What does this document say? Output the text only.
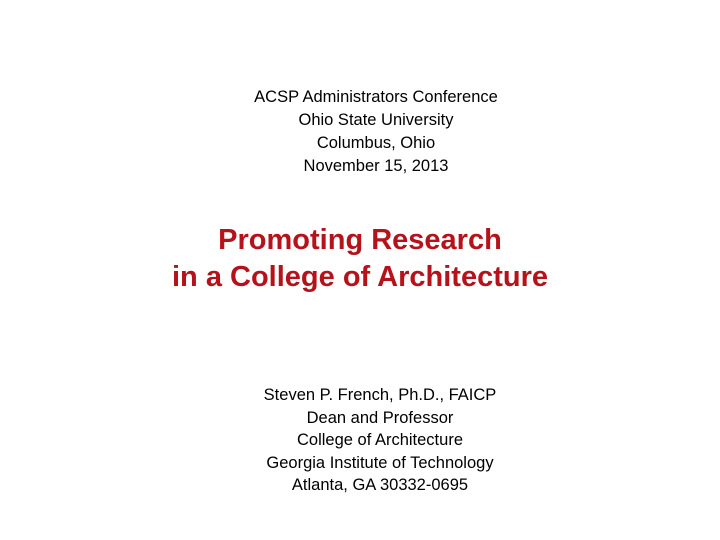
ACSP Administrators Conference
Ohio State University
Columbus, Ohio
November 15, 2013
Promoting Research
in a College of Architecture
Steven P. French, Ph.D., FAICP
Dean and Professor
College of Architecture
Georgia Institute of Technology
Atlanta, GA 30332-0695
